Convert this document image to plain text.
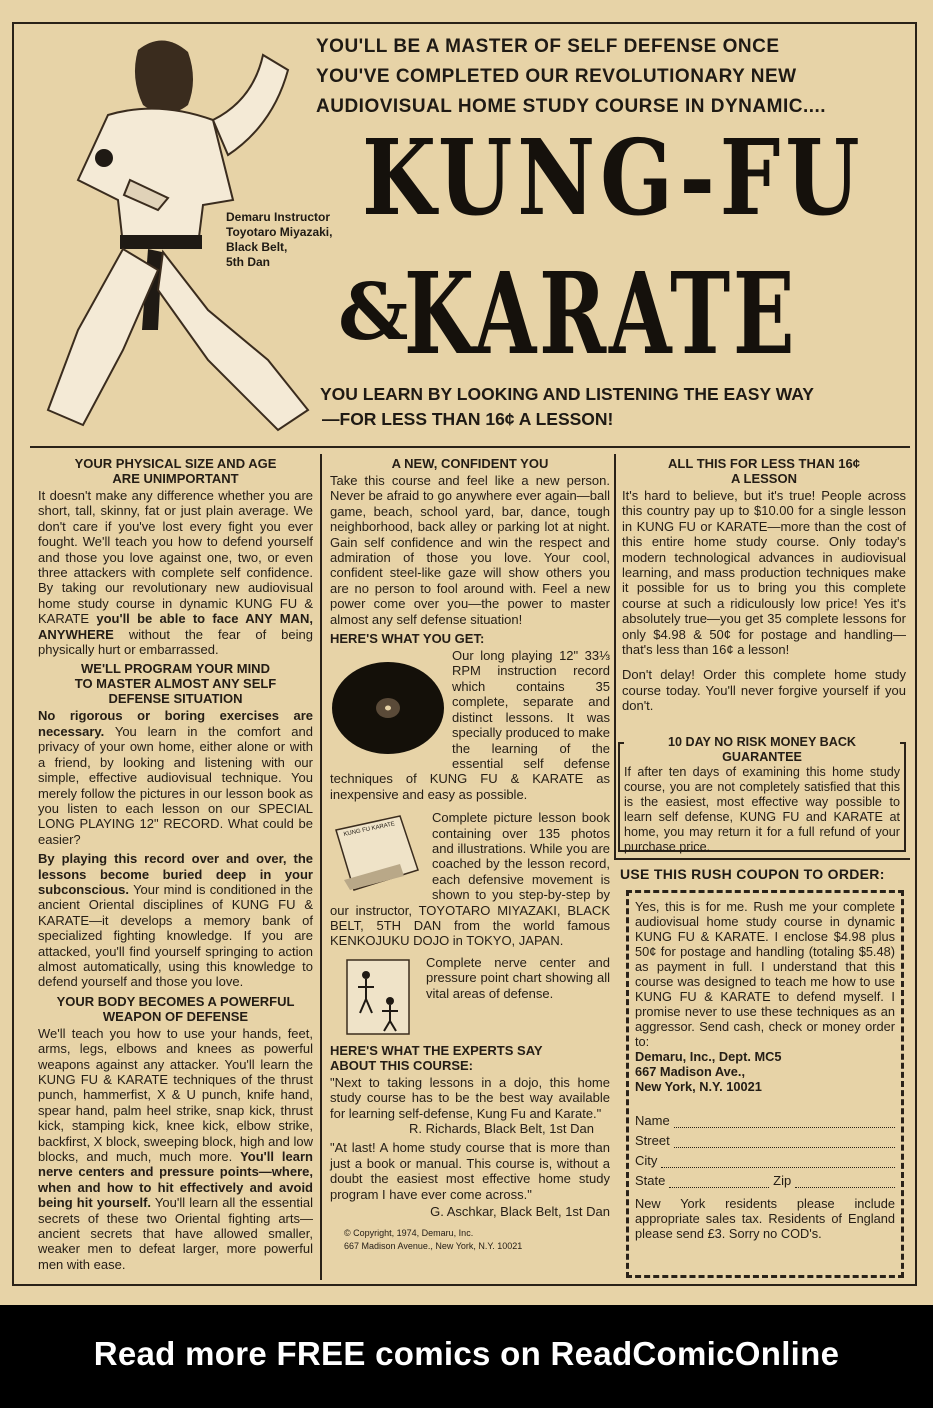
Demaru Instructor
Toyotaro Miyazaki,
Black Belt,
5th Dan
YOU'LL BE A MASTER OF SELF DEFENSE ONCE
YOU'VE COMPLETED OUR REVOLUTIONARY NEW
AUDIOVISUAL HOME STUDY COURSE IN DYNAMIC....
KUNG-FU
&
KARATE
YOU LEARN BY LOOKING AND LISTENING THE EASY WAY
—FOR LESS THAN 16¢ A LESSON!
YOUR PHYSICAL SIZE AND AGE
ARE UNIMPORTANT

It doesn't make any difference whether you are short, tall, skinny, fat or just plain average. We don't care if you've lost every fight you ever fought. We'll teach you how to defend yourself and those you love against one, two, or even three attackers with complete self confidence. By taking our revolutionary new audiovisual home study course in dynamic KUNG FU & KARATE you'll be able to face ANY MAN, ANYWHERE without the fear of being physically hurt or embarrassed.

WE'LL PROGRAM YOUR MIND
TO MASTER ALMOST ANY SELF
DEFENSE SITUATION

No rigorous or boring exercises are necessary. You learn in the comfort and privacy of your own home, either alone or with a friend, by looking and listening with our simple, effective audiovisual technique. You merely follow the pictures in our lesson book as you listen to each lesson on our SPECIAL LONG PLAYING 12" RECORD. What could be easier?

By playing this record over and over, the lessons become buried deep in your subconscious. Your mind is conditioned in the ancient Oriental disciplines of KUNG FU & KARATE—it develops a memory bank of specialized fighting knowledge. If you are attacked, you'll find yourself springing to action almost automatically, using this knowledge to defend yourself and those you love.

YOUR BODY BECOMES A POWERFUL
WEAPON OF DEFENSE

We'll teach you how to use your hands, feet, arms, legs, elbows and knees as powerful weapons against any attacker. You'll learn the KUNG FU & KARATE techniques of the thrust punch, hammerfist, X & U punch, knife hand, spear hand, palm heel strike, snap kick, thrust kick, stamping kick, knee kick, elbow strike, backfirst, X block, sweeping block, high and low blocks, and much, much more. You'll learn nerve centers and pressure points—where, when and how to hit effectively and avoid being hit yourself. You'll learn all the essential secrets of these two Oriental fighting arts—ancient secrets that have allowed smaller, weaker men to defeat larger, more powerful men with ease.

A NEW, CONFIDENT YOU

Take this course and feel like a new person. Never be afraid to go anywhere ever again—ball game, beach, school yard, bar, dance, tough neighborhood, back alley or parking lot at night. Gain self confidence and win the respect and admiration of those you love. Your cool, confident steel-like gaze will show others you are no person to fool around with. Feel a new power come over you—the power to master almost any self defense situation!

HERE'S WHAT YOU GET:

Our long playing 12" 33⅓ RPM instruction record which contains 35 complete, separate and distinct lessons. It was specially produced to make the learning of the essential self defense techniques of KUNG FU & KARATE as inexpensive and easy as possible.

KUNG FU KARATE
Complete picture lesson book containing over 135 photos and illustrations. While you are coached by the lesson record, each defensive movement is shown to you step-by-step by our instructor, TOYOTARO MIYAZAKI, BLACK BELT, 5TH DAN from the world famous KENKOJUKU DOJO in TOKYO, JAPAN.

Complete nerve center and pressure point chart showing all vital areas of defense.

HERE'S WHAT THE EXPERTS SAY
ABOUT THIS COURSE:

"Next to taking lessons in a dojo, this home study course has to be the best way available for learning self-defense, Kung Fu and Karate."

R. Richards, Black Belt, 1st Dan

"At last! A home study course that is more than just a book or manual. This course is, without a doubt the easiest most effective home study program I have ever come across."

G. Aschkar, Black Belt, 1st Dan

© Copyright, 1974, Demaru, Inc.
667 Madison Avenue., New York, N.Y. 10021
ALL THIS FOR LESS THAN 16¢
A LESSON

It's hard to believe, but it's true! People across this country pay up to $10.00 for a single lesson in KUNG FU or KARATE—more than the cost of this entire home study course. Only today's modern technological advances in audiovisual learning, and mass production techniques make it possible for us to bring you this complete course at such a ridiculously low price! Yes it's absolutely true—you get 35 complete lessons for only $4.98 & 50¢ for postage and handling—that's less than 16¢ a lesson!

Don't delay! Order this complete home study course today. You'll never forgive yourself if you don't.

10 DAY NO RISK MONEY BACK
GUARANTEE
If after ten days of examining this home study course, you are not completely satisfied that this is the easiest, most effective way possible to learn self defense, KUNG FU and KARATE at home, you may return it for a full refund of your purchase price.
USE THIS RUSH COUPON TO ORDER:
Yes, this is for me. Rush me your complete audiovisual home study course in dynamic KUNG FU & KARATE. I enclose $4.98 plus 50¢ for postage and handling (totaling $5.48) as payment in full. I understand that this course was designed to teach me how to use KUNG FU & KARATE to defend myself. I promise never to use these techniques as an aggressor. Send cash, check or money order to:
Demaru, Inc., Dept. MC5
667 Madison Ave.,
New York, N.Y. 10021
Name
Street
City
State	Zip
New York residents please include appropriate sales tax. Residents of England please send £3. Sorry no COD's.
Read more FREE comics on ReadComicOnline
